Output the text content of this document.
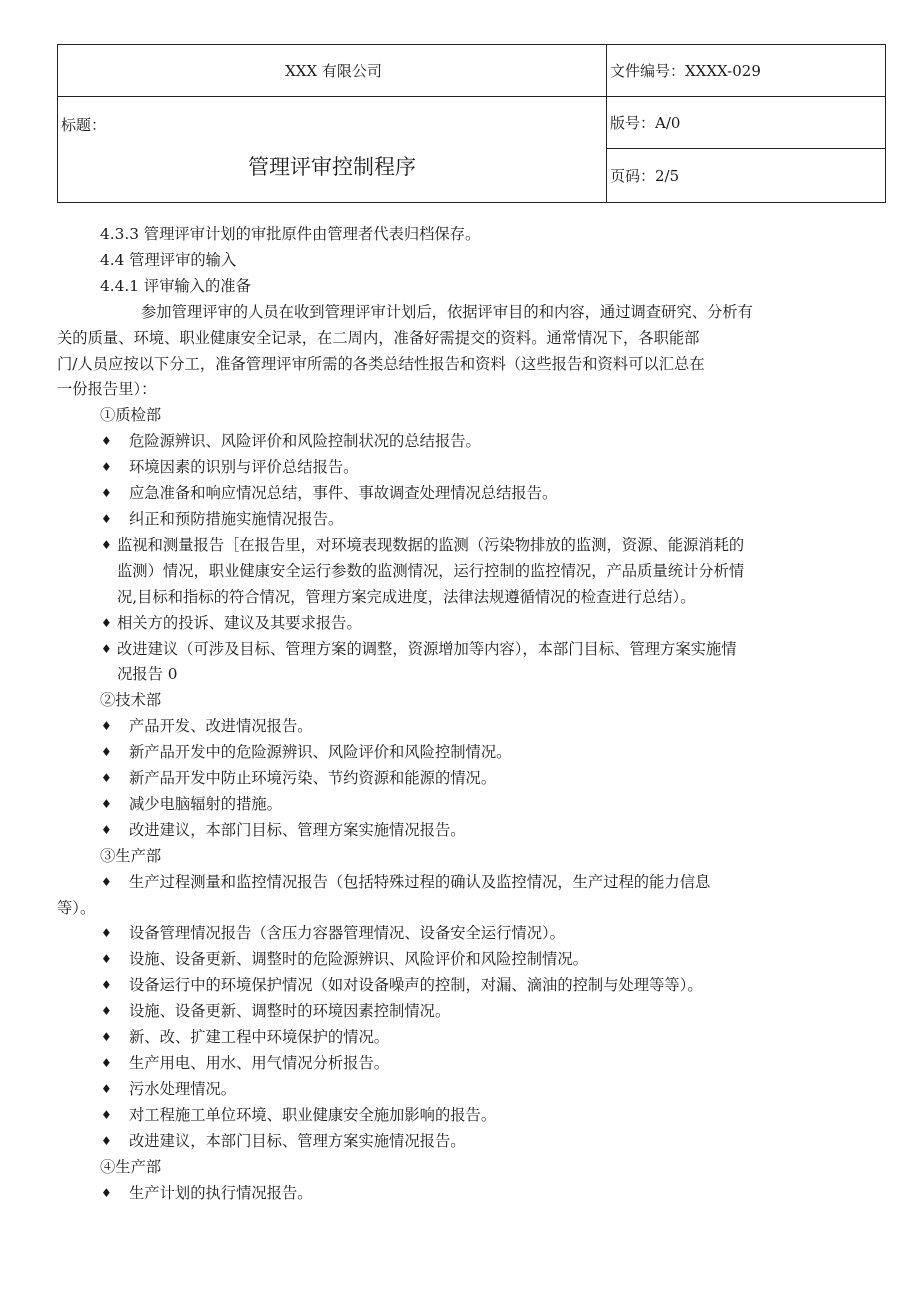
XXX 有限公司	文件编号：XXXX-029

标题：
管理评审控制程序	版号：A/0
	页码：2/5

4.3.3 管理评审计划的审批原件由管理者代表归档保存。

4.4 管理评审的输入

4.4.1 评审输入的准备

参加管理评审的人员在收到管理评审计划后，依据评审目的和内容，通过调查研究、分析有
关的质量、环境、职业健康安全记录，在二周内，准备好需提交的资料。通常情况下，各职能部
门/人员应按以下分工，准备管理评审所需的各类总结性报告和资料（这些报告和资料可以汇总在
一份报告里）：

①质检部

♦	危险源辨识、风险评价和风险控制状况的总结报告。
♦	环境因素的识别与评价总结报告。
♦	应急准备和响应情况总结，事件、事故调查处理情况总结报告。
♦	纠正和预防措施实施情况报告。
♦ 监视和测量报告［在报告里，对环境表现数据的监测（污染物排放的监测，资源、能源消耗的
监测）情况，职业健康安全运行参数的监测情况，运行控制的监控情况，产品质量统计分析情
况,目标和指标的符合情况，管理方案完成进度，法律法规遵循情况的检查进行总结）。
♦ 相关方的投诉、建议及其要求报告。
♦ 改进建议（可涉及目标、管理方案的调整，资源增加等内容），本部门目标、管理方案实施情
况报告 0

②技术部

♦	产品开发、改进情况报告。
♦	新产品开发中的危险源辨识、风险评价和风险控制情况。
♦	新产品开发中防止环境污染、节约资源和能源的情况。
♦	减少电脑辐射的措施。
♦	改进建议，本部门目标、管理方案实施情况报告。

③生产部

♦	生产过程测量和监控情况报告（包括特殊过程的确认及监控情况，生产过程的能力信息

等）。

♦	设备管理情况报告（含压力容器管理情况、设备安全运行情况）。
♦	设施、设备更新、调整时的危险源辨识、风险评价和风险控制情况。
♦	设备运行中的环境保护情况（如对设备噪声的控制，对漏、滴油的控制与处理等等）。
♦	设施、设备更新、调整时的环境因素控制情况。
♦	新、改、扩建工程中环境保护的情况。
♦	生产用电、用水、用气情况分析报告。
♦	污水处理情况。
♦	对工程施工单位环境、职业健康安全施加影响的报告。
♦	改进建议，本部门目标、管理方案实施情况报告。

④生产部

♦	生产计划的执行情况报告。
